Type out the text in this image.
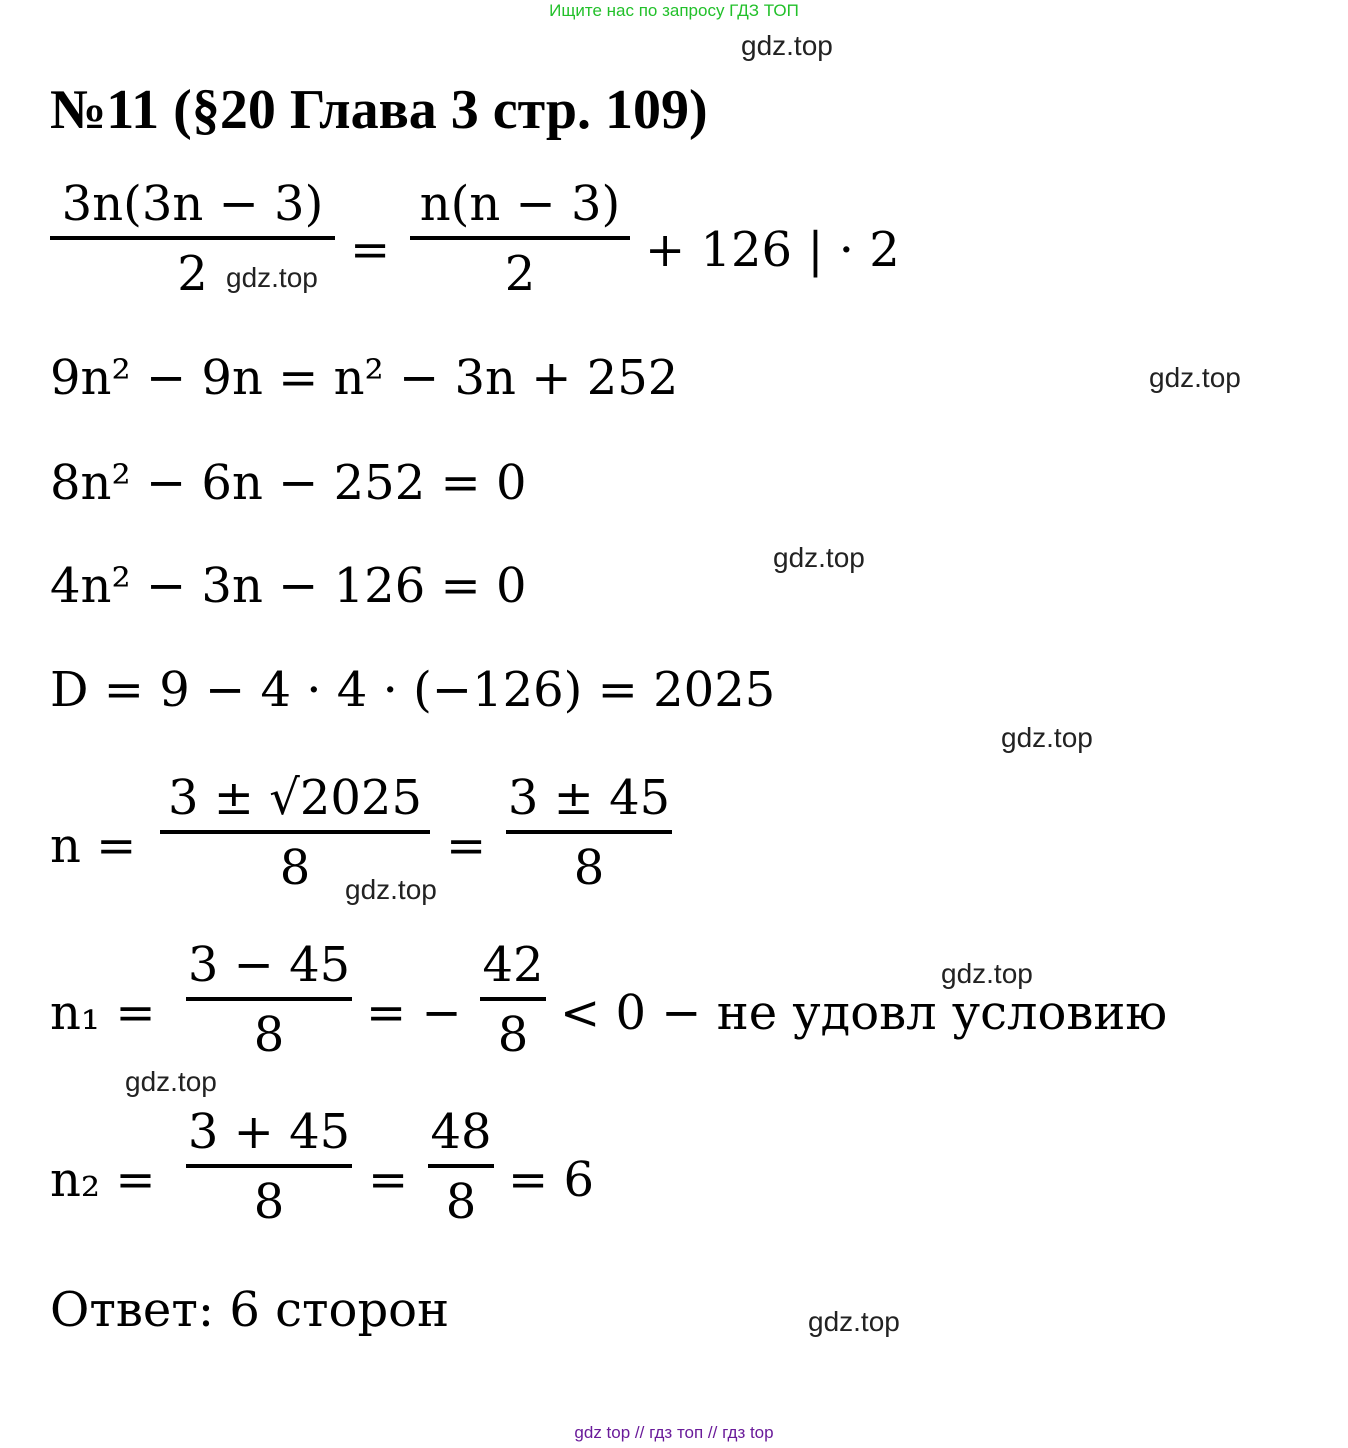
Ищите нас по запросу ГДЗ ТОП
gdz.top
№11 (§20 Глава 3 стр. 109)
3n(3n − 3)
2 gdz.top =
n(n − 3)
2 + 126 | · 2
9n² − 9n = n² − 3n + 252	gdz.top
8n² − 6n − 252 = 0
4n² − 3n − 126 = 0
gdz.top
D = 9 − 4 · 4 · (−126) = 2025
gdz.top
n =
3 ± √2025
8 gdz.top
=
3 ± 45
8
gdz.top
n₁ =
3 − 45
8 = −
42
8 < 0 − не удовл условию
gdz.top
n₂ =
3 + 45
8 =
48
8 = 6
Ответ: 6 сторон	gdz.top
gdz top // гдз топ // гдз top
